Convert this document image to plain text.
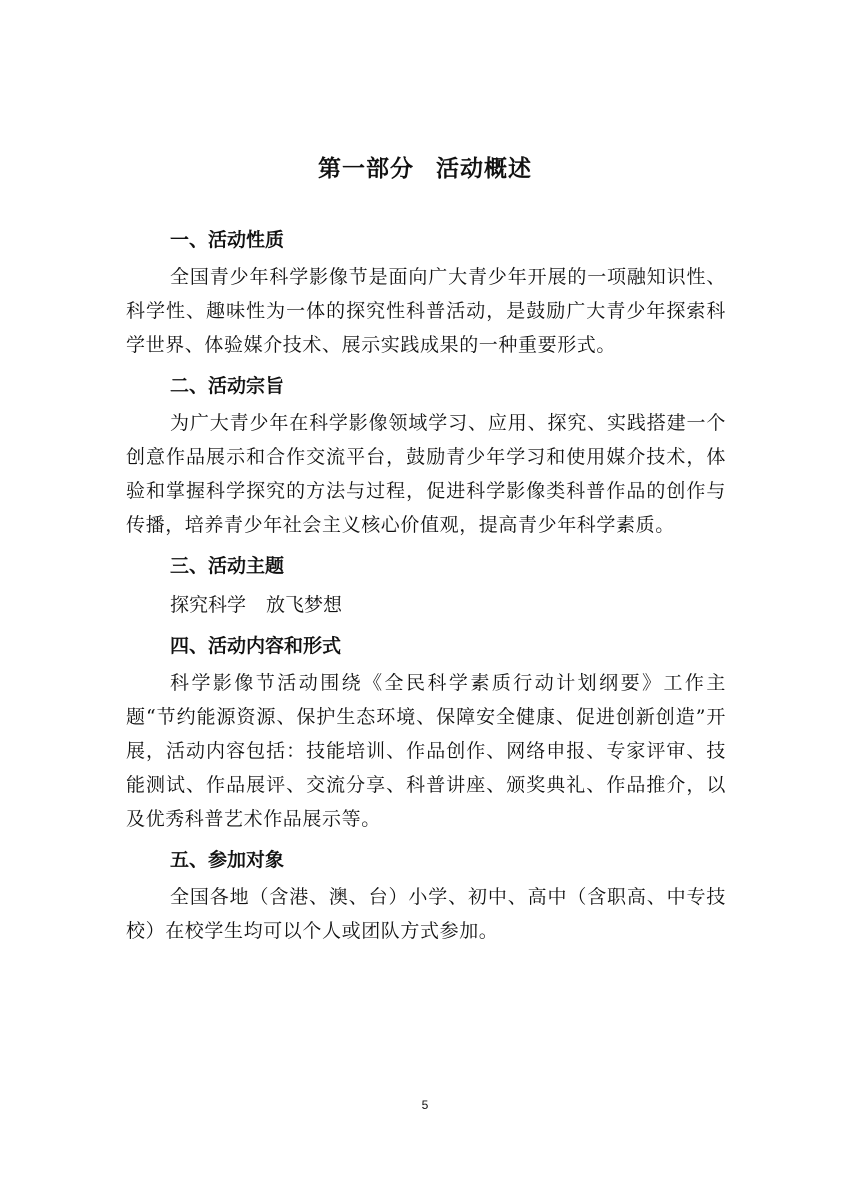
第一部分 活动概述

一、活动性质

全国青少年科学影像节是面向广大青少年开展的一项融知识性、科学性、趣味性为一体的探究性科普活动，是鼓励广大青少年探索科学世界、体验媒介技术、展示实践成果的一种重要形式。

二、活动宗旨

为广大青少年在科学影像领域学习、应用、探究、实践搭建一个创意作品展示和合作交流平台，鼓励青少年学习和使用媒介技术，体验和掌握科学探究的方法与过程，促进科学影像类科普作品的创作与传播，培养青少年社会主义核心价值观，提高青少年科学素质。

三、活动主题

探究科学 放飞梦想

四、活动内容和形式

科学影像节活动围绕《全民科学素质行动计划纲要》工作主题“节约能源资源、保护生态环境、保障安全健康、促进创新创造”开展，活动内容包括：技能培训、作品创作、网络申报、专家评审、技能测试、作品展评、交流分享、科普讲座、颁奖典礼、作品推介，以及优秀科普艺术作品展示等。

五、参加对象

全国各地（含港、澳、台）小学、初中、高中（含职高、中专技校）在校学生均可以个人或团队方式参加。

5
